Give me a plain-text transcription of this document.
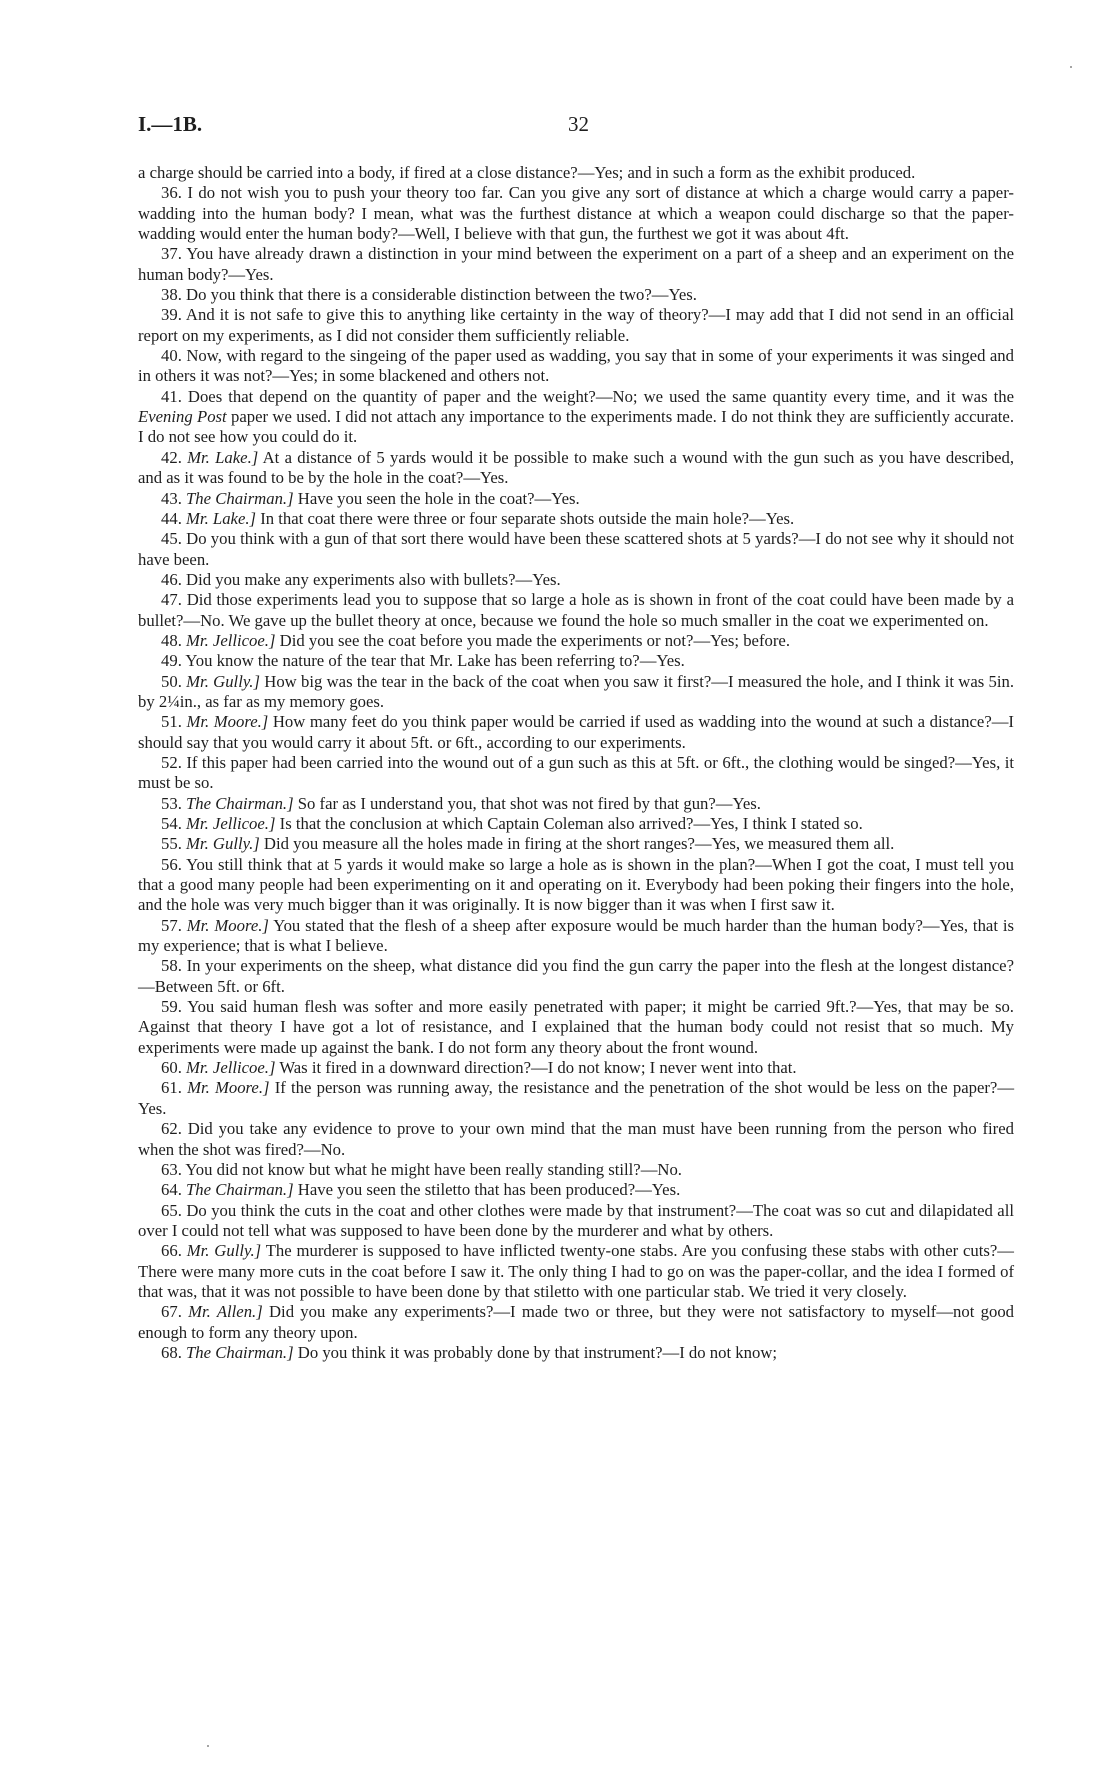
I.—1B.	32

a charge should be carried into a body, if fired at a close distance?—Yes; and in such a form as the exhibit produced.

36. I do not wish you to push your theory too far. Can you give any sort of distance at which a charge would carry a paper-wadding into the human body? I mean, what was the furthest distance at which a weapon could discharge so that the paper-wadding would enter the human body?—Well, I believe with that gun, the furthest we got it was about 4ft.

37. You have already drawn a distinction in your mind between the experiment on a part of a sheep and an experiment on the human body?—Yes.

38. Do you think that there is a considerable distinction between the two?—Yes.

39. And it is not safe to give this to anything like certainty in the way of theory?—I may add that I did not send in an official report on my experiments, as I did not consider them sufficiently reliable.

40. Now, with regard to the singeing of the paper used as wadding, you say that in some of your experiments it was singed and in others it was not?—Yes; in some blackened and others not.

41. Does that depend on the quantity of paper and the weight?—No; we used the same quantity every time, and it was the Evening Post paper we used. I did not attach any importance to the experiments made. I do not think they are sufficiently accurate. I do not see how you could do it.

42. Mr. Lake.] At a distance of 5 yards would it be possible to make such a wound with the gun such as you have described, and as it was found to be by the hole in the coat?—Yes.

43. The Chairman.] Have you seen the hole in the coat?—Yes.

44. Mr. Lake.] In that coat there were three or four separate shots outside the main hole?—Yes.

45. Do you think with a gun of that sort there would have been these scattered shots at 5 yards?—I do not see why it should not have been.

46. Did you make any experiments also with bullets?—Yes.

47. Did those experiments lead you to suppose that so large a hole as is shown in front of the coat could have been made by a bullet?—No. We gave up the bullet theory at once, because we found the hole so much smaller in the coat we experimented on.

48. Mr. Jellicoe.] Did you see the coat before you made the experiments or not?—Yes; before.

49. You know the nature of the tear that Mr. Lake has been referring to?—Yes.

50. Mr. Gully.] How big was the tear in the back of the coat when you saw it first?—I measured the hole, and I think it was 5in. by 2¼in., as far as my memory goes.

51. Mr. Moore.] How many feet do you think paper would be carried if used as wadding into the wound at such a distance?—I should say that you would carry it about 5ft. or 6ft., according to our experiments.

52. If this paper had been carried into the wound out of a gun such as this at 5ft. or 6ft., the clothing would be singed?—Yes, it must be so.

53. The Chairman.] So far as I understand you, that shot was not fired by that gun?—Yes.

54. Mr. Jellicoe.] Is that the conclusion at which Captain Coleman also arrived?—Yes, I think I stated so.

55. Mr. Gully.] Did you measure all the holes made in firing at the short ranges?—Yes, we measured them all.

56. You still think that at 5 yards it would make so large a hole as is shown in the plan?—When I got the coat, I must tell you that a good many people had been experimenting on it and operating on it. Everybody had been poking their fingers into the hole, and the hole was very much bigger than it was originally. It is now bigger than it was when I first saw it.

57. Mr. Moore.] You stated that the flesh of a sheep after exposure would be much harder than the human body?—Yes, that is my experience; that is what I believe.

58. In your experiments on the sheep, what distance did you find the gun carry the paper into the flesh at the longest distance?—Between 5ft. or 6ft.

59. You said human flesh was softer and more easily penetrated with paper; it might be carried 9ft.?—Yes, that may be so. Against that theory I have got a lot of resistance, and I explained that the human body could not resist that so much. My experiments were made up against the bank. I do not form any theory about the front wound.

60. Mr. Jellicoe.] Was it fired in a downward direction?—I do not know; I never went into that.

61. Mr. Moore.] If the person was running away, the resistance and the penetration of the shot would be less on the paper?—Yes.

62. Did you take any evidence to prove to your own mind that the man must have been running from the person who fired when the shot was fired?—No.

63. You did not know but what he might have been really standing still?—No.

64. The Chairman.] Have you seen the stiletto that has been produced?—Yes.

65. Do you think the cuts in the coat and other clothes were made by that instrument?—The coat was so cut and dilapidated all over I could not tell what was supposed to have been done by the murderer and what by others.

66. Mr. Gully.] The murderer is supposed to have inflicted twenty-one stabs. Are you confusing these stabs with other cuts?—There were many more cuts in the coat before I saw it. The only thing I had to go on was the paper-collar, and the idea I formed of that was, that it was not possible to have been done by that stiletto with one particular stab. We tried it very closely.

67. Mr. Allen.] Did you make any experiments?—I made two or three, but they were not satisfactory to myself—not good enough to form any theory upon.

68. The Chairman.] Do you think it was probably done by that instrument?—I do not know;
